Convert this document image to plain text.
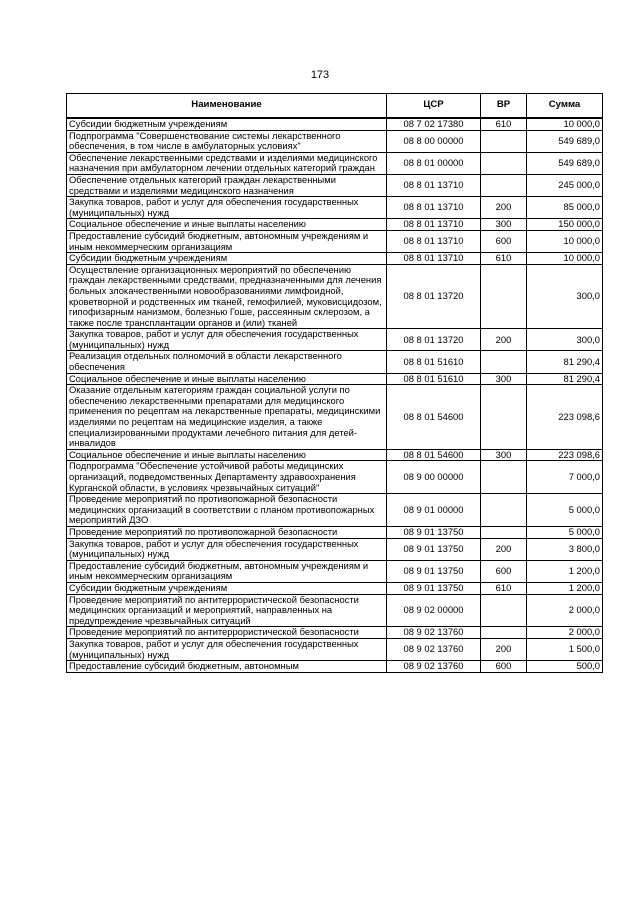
173
Наименование	ЦСР	ВР	Сумма
Субсидии бюджетным учреждениям	08 7 02 17380	610	10 000,0
Подпрограмма "Совершенствование системы лекарственного обеспечения, в том числе в амбулаторных условиях"	08 8 00 00000		549 689,0
Обеспечение лекарственными средствами и изделиями медицинского назначения при амбулаторном лечении отдельных категорий граждан	08 8 01 00000		549 689,0
Обеспечение отдельных категорий граждан лекарственными средствами и изделиями медицинского назначения	08 8 01 13710		245 000,0
Закупка товаров, работ и услуг для обеспечения государственных (муниципальных) нужд	08 8 01 13710	200	85 000,0
Социальное обеспечение и иные выплаты населению	08 8 01 13710	300	150 000,0
Предоставление субсидий бюджетным, автономным учреждениям и иным некоммерческим организациям	08 8 01 13710	600	10 000,0
Субсидии бюджетным учреждениям	08 8 01 13710	610	10 000,0
Осуществление организационных мероприятий по обеспечению граждан лекарственными средствами, предназначенными для лечения больных злокачественными новообразованиями лимфоидной, кроветворной и родственных им тканей, гемофилией, муковисцидозом, гипофизарным нанизмом, болезнью Гоше, рассеянным склерозом, а также после трансплантации органов и (или) тканей	08 8 01 13720		300,0
Закупка товаров, работ и услуг для обеспечения государственных (муниципальных) нужд	08 8 01 13720	200	300,0
Реализация отдельных полномочий в области лекарственного обеспечения	08 8 01 51610		81 290,4
Социальное обеспечение и иные выплаты населению	08 8 01 51610	300	81 290,4
Оказание отдельным категориям граждан социальной услуги по обеспечению лекарственными препаратами для медицинского применения по рецептам на лекарственные препараты, медицинскими изделиями по рецептам на медицинские изделия, а также специализированными продуктами лечебного питания для детей-инвалидов	08 8 01 54600		223 098,6
Социальное обеспечение и иные выплаты населению	08 8 01 54600	300	223 098,6
Подпрограмма "Обеспечение устойчивой работы медицинских организаций, подведомственных Департаменту здравоохранения Курганской области, в условиях чрезвычайных ситуаций"	08 9 00 00000		7 000,0
Проведение мероприятий по противопожарной безопасности медицинских организаций в соответствии с планом противопожарных мероприятий ДЗО	08 9 01 00000		5 000,0
Проведение мероприятий по противопожарной безопасности	08 9 01 13750		5 000,0
Закупка товаров, работ и услуг для обеспечения государственных (муниципальных) нужд	08 9 01 13750	200	3 800,0
Предоставление субсидий бюджетным, автономным учреждениям и иным некоммерческим организациям	08 9 01 13750	600	1 200,0
Субсидии бюджетным учреждениям	08 9 01 13750	610	1 200,0
Проведение мероприятий по антитеррористической безопасности медицинских организаций и мероприятий, направленных на предупреждение чрезвычайных ситуаций	08 9 02 00000		2 000,0
Проведение мероприятий по антитеррористической безопасности	08 9 02 13760		2 000,0
Закупка товаров, работ и услуг для обеспечения государственных (муниципальных) нужд	08 9 02 13760	200	1 500,0
Предоставление субсидий бюджетным, автономным	08 9 02 13760	600	500,0
